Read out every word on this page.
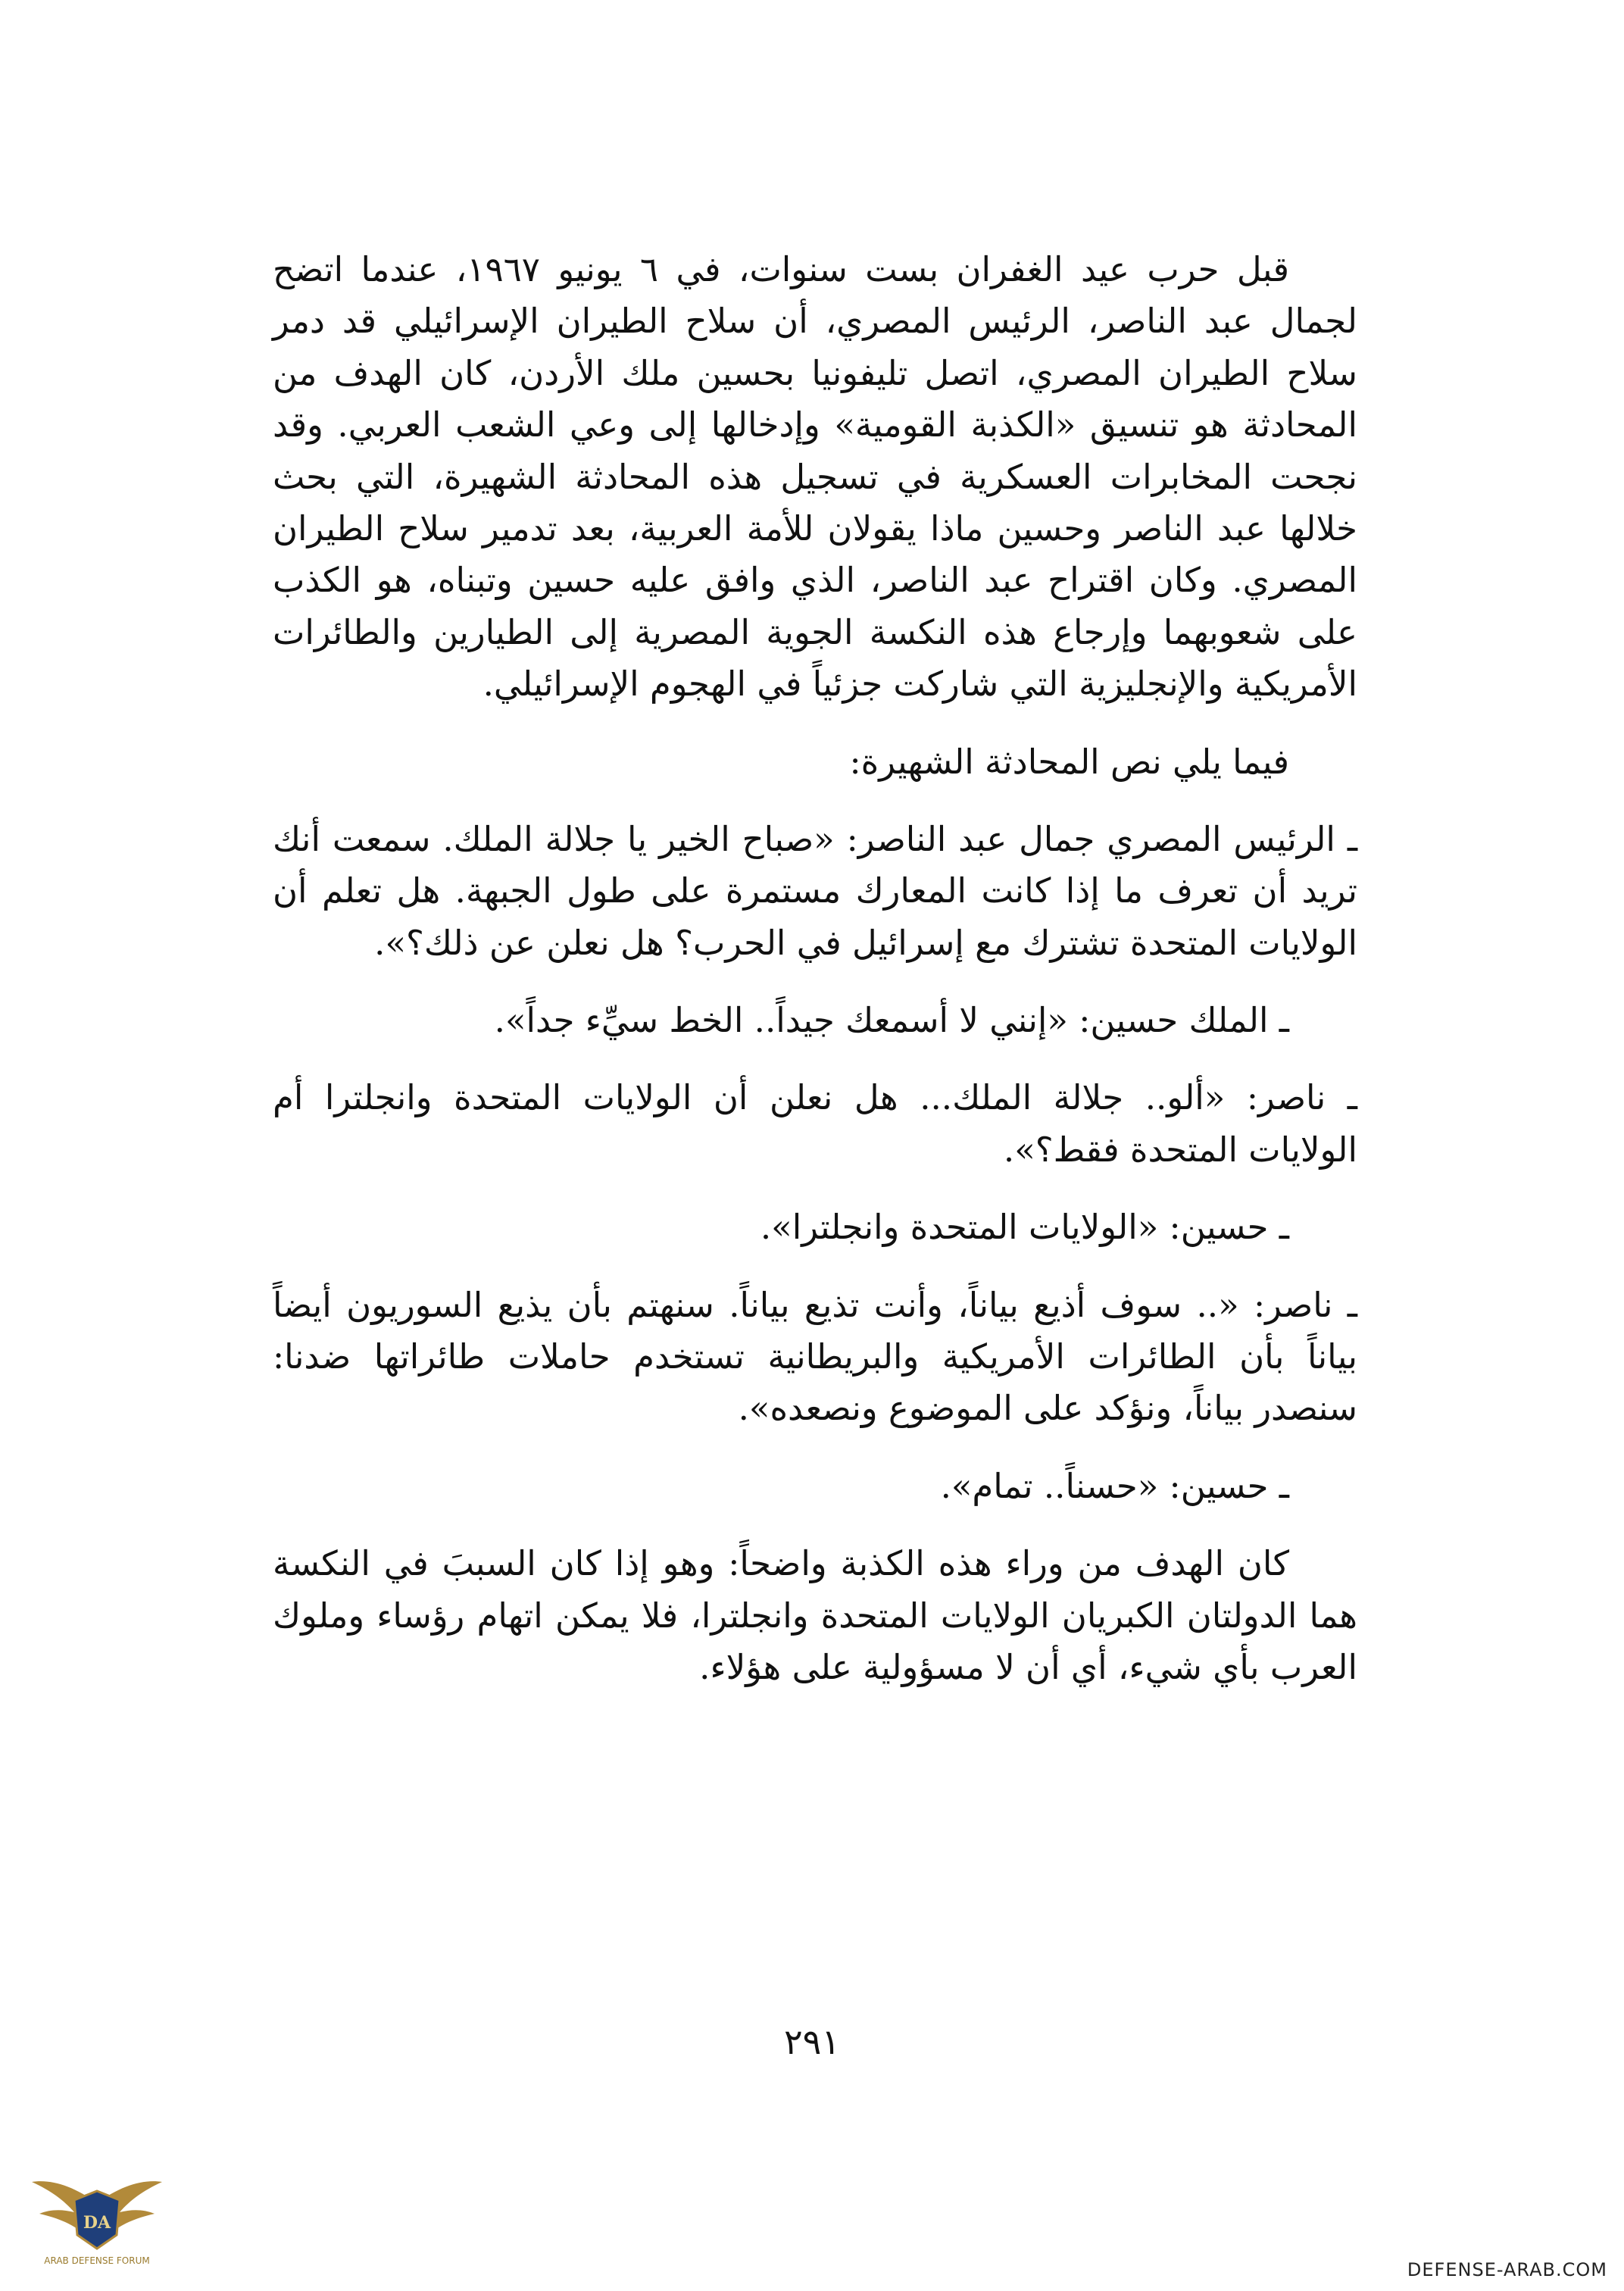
قبل حرب عيد الغفران بست سنوات، في ٦ يونيو ١٩٦٧، عندما اتضح لجمال عبد الناصر، الرئيس المصري، أن سلاح الطيران الإسرائيلي قد دمر سلاح الطيران المصري، اتصل تليفونيا بحسين ملك الأردن، كان الهدف من المحادثة هو تنسيق «الكذبة القومية» وإدخالها إلى وعي الشعب العربي. وقد نجحت المخابرات العسكرية في تسجيل هذه المحادثة الشهيرة، التي بحث خلالها عبد الناصر وحسين ماذا يقولان للأمة العربية، بعد تدمير سلاح الطيران المصري. وكان اقتراح عبد الناصر، الذي وافق عليه حسين وتبناه، هو الكذب على شعوبهما وإرجاع هذه النكسة الجوية المصرية إلى الطيارين والطائرات الأمريكية والإنجليزية التي شاركت جزئياً في الهجوم الإسرائيلي.

فيما يلي نص المحادثة الشهيرة:

ـ الرئيس المصري جمال عبد الناصر: «صباح الخير يا جلالة الملك. سمعت أنك تريد أن تعرف ما إذا كانت المعارك مستمرة على طول الجبهة. هل تعلم أن الولايات المتحدة تشترك مع إسرائيل في الحرب؟ هل نعلن عن ذلك؟».

ـ الملك حسين: «إنني لا أسمعك جيداً.. الخط سيِّء جداً».

ـ ناصر: «ألو.. جلالة الملك... هل نعلن أن الولايات المتحدة وانجلترا أم الولايات المتحدة فقط؟».

ـ حسين: «الولايات المتحدة وانجلترا».

ـ ناصر: «.. سوف أذيع بياناً، وأنت تذيع بياناً. سنهتم بأن يذيع السوريون أيضاً بياناً بأن الطائرات الأمريكية والبريطانية تستخدم حاملات طائراتها ضدنا: سنصدر بياناً، ونؤكد على الموضوع ونصعده».

ـ حسين: «حسناً.. تمام».

كان الهدف من وراء هذه الكذبة واضحاً: وهو إذا كان السببَ في النكسة هما الدولتان الكبريان الولايات المتحدة وانجلترا، فلا يمكن اتهام رؤساء وملوك العرب بأي شيء، أي أن لا مسؤولية على هؤلاء.

٢٩١
DA
ARAB DEFENSE FORUM	DEFENSE-ARAB.COM
